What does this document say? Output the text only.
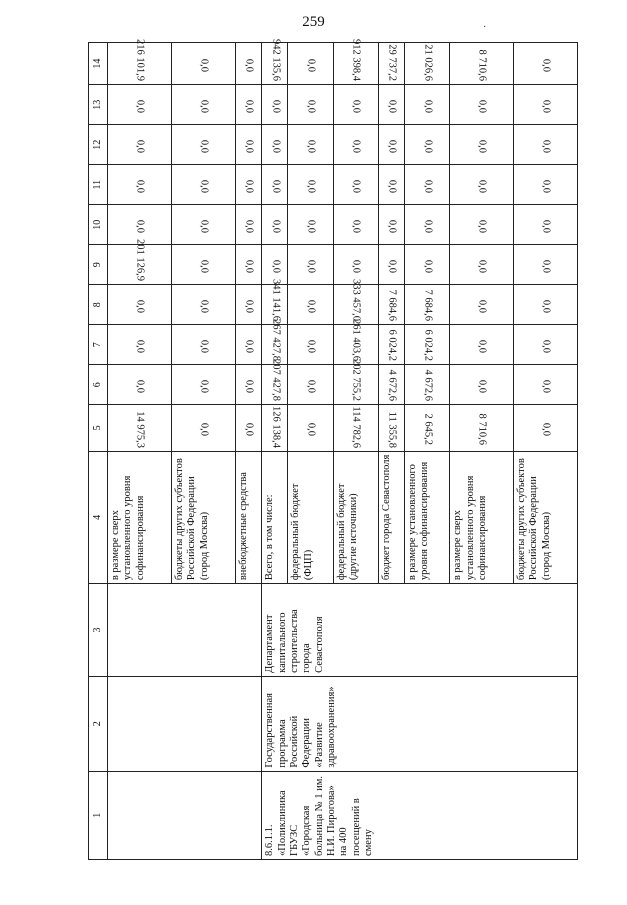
259	·
1	2	3	4	5	6	7	8	9	10	11	12	13	14
			в размере сверх установленного уровня софинансирования	14 975,3	0,0	0,0	0,0	201 126,9	0,0	0,0	0,0	0,0	216 101,9
			бюджеты других субъектов Российской Федерации (город Москва)	0,0	0,0	0,0	0,0	0,0	0,0	0,0	0,0	0,0	0,0
			внебюджетные средства	0,0	0,0	0,0	0,0	0,0	0,0	0,0	0,0	0,0	0,0
8.6.1.1. «Поликлиника ГБУЗС «Городская больница № 1 им. Н.И. Пирогова» на 400 посещений в смену	Государственная программа Российской Федерации «Развитие здравоохранения»	Департамент капитального строительства города Севастополя	Всего, в том числе:	126 138,4	207 427,8	267 427,8	341 141,6	0,0	0,0	0,0	0,0	0,0	942 135,6
			федеральный бюджет (ФЦП)	0,0	0,0	0,0	0,0	0,0	0,0	0,0	0,0	0,0	0,0
			федеральный бюджет (другие источники)	114 782,6	202 755,2	261 403,6	333 457,0	0,0	0,0	0,0	0,0	0,0	912 398,4
			бюджет города Севастополя	11 355,8	4 672,6	6 024,2	7 684,6	0,0	0,0	0,0	0,0	0,0	29 737,2
			в размере установленного уровня софинансирования	2 645,2	4 672,6	6 024,2	7 684,6	0,0	0,0	0,0	0,0	0,0	21 026,6
			в размере сверх установленного уровня софинансирования	8 710,6	0,0	0,0	0,0	0,0	0,0	0,0	0,0	0,0	8 710,6
			бюджеты других субъектов Российской Федерации (город Москва)	0,0	0,0	0,0	0,0	0,0	0,0	0,0	0,0	0,0	0,0
